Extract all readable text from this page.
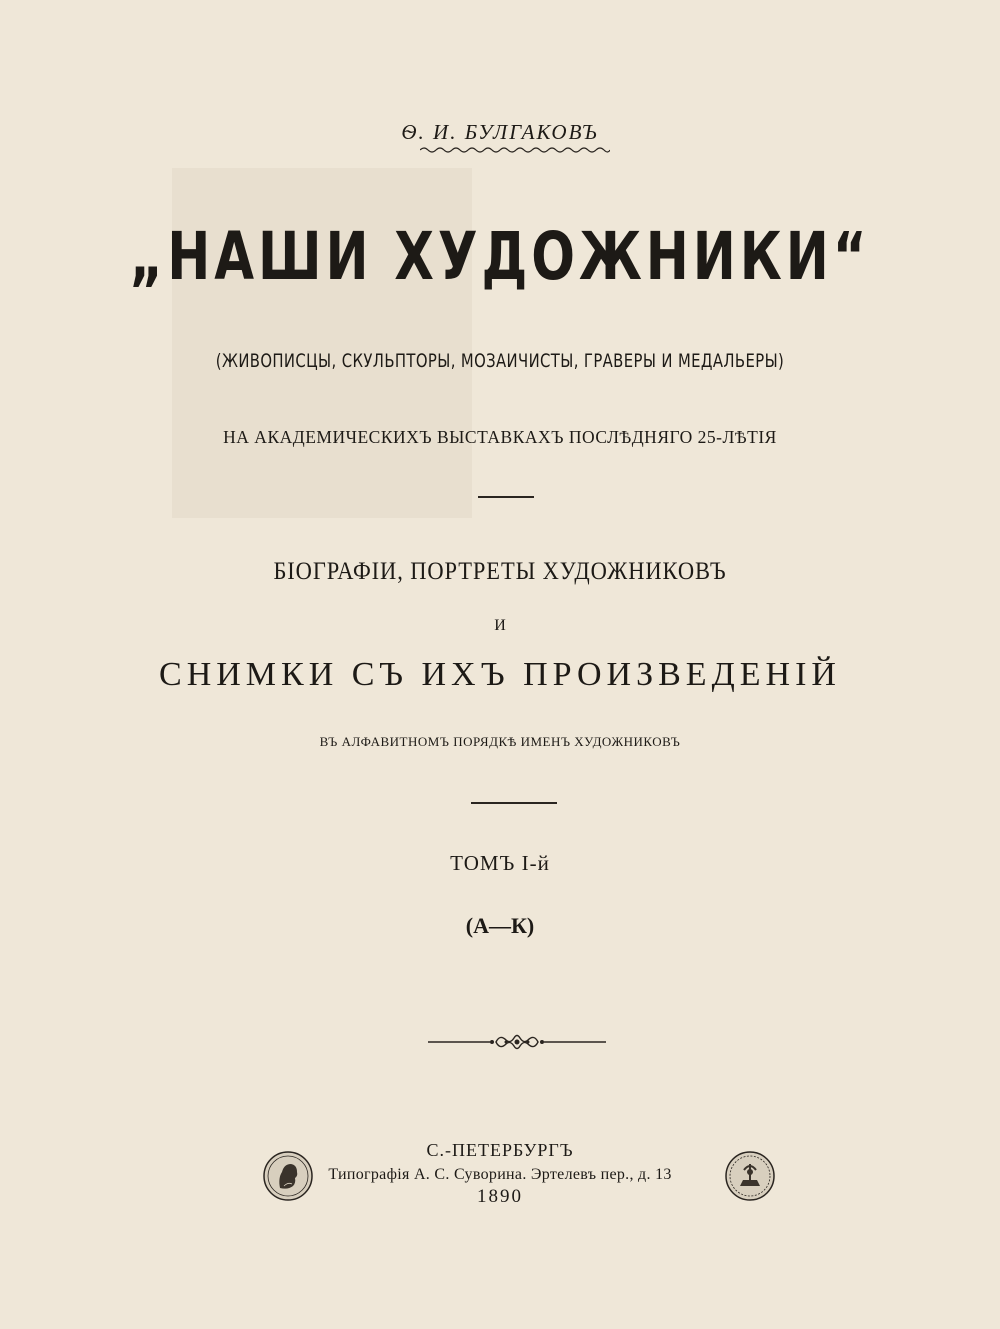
Ѳ. И. БУЛГАКОВЪ
„НАШИ ХУДОЖНИКИ“
(ЖИВОПИСЦЫ, СКУЛЬПТОРЫ, МОЗАИЧИСТЫ, ГРАВЕРЫ И МЕДАЛЬЕРЫ)
НА АКАДЕМИЧЕСКИХЪ ВЫСТАВКАХЪ ПОСЛѢДНЯГО 25-ЛѢТІЯ
БІОГРАФІИ, ПОРТРЕТЫ ХУДОЖНИКОВЪ
И
СНИМКИ СЪ ИХЪ ПРОИЗВЕДЕНІЙ
ВЪ АЛФАВИТНОМЪ ПОРЯДКѢ ИМЕНЪ ХУДОЖНИКОВЪ
ТОМЪ І-й
(А—К)
С.-ПЕТЕРБУРГЪ
Типографія А. С. Суворина. Эртелевъ пер., д. 13
1890
